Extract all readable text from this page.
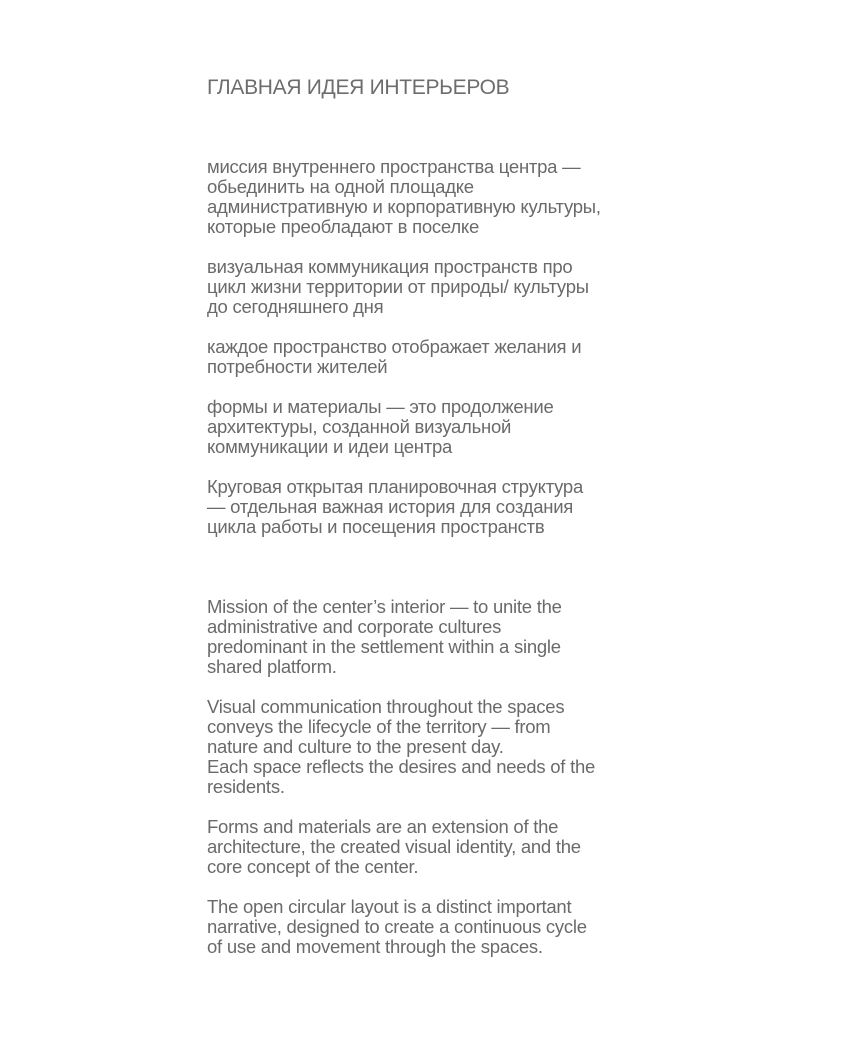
ГЛАВНАЯ ИДЕЯ ИНТЕРЬЕРОВ

миссия внутреннего пространства центра —
обьединить на одной площадке
административную и корпоративную культуры,
которые преобладают в поселке

визуальная коммуникация пространств про
цикл жизни территории от природы/ культуры
до сегодняшнего дня

каждое пространство отображает желания и
потребности жителей

формы и материалы — это продолжение
архитектуры, созданной визуальной
коммуникации и идеи центра

Круговая открытая планировочная структура
— отдельная важная история для создания
цикла работы и посещения пространств

Mission of the center’s interior — to unite the
administrative and corporate cultures
predominant in the settlement within a single
shared platform.

Visual communication throughout the spaces
conveys the lifecycle of the territory — from
nature and culture to the present day.
Each space reflects the desires and needs of the
residents.

Forms and materials are an extension of the
architecture, the created visual identity, and the
core concept of the center.

The open circular layout is a distinct important
narrative, designed to create a continuous cycle
of use and movement through the spaces.
